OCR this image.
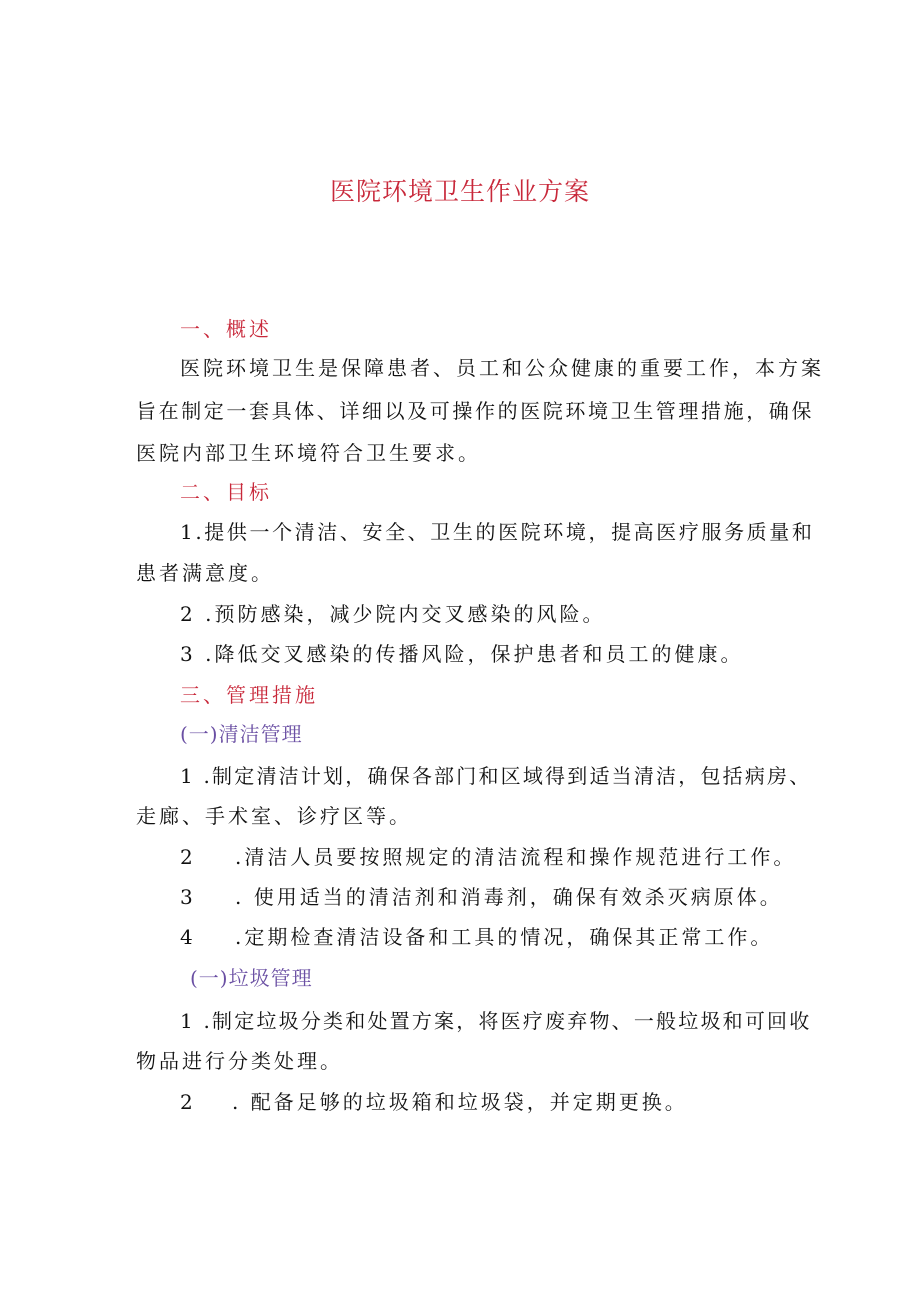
医院环境卫生作业方案
一、概述
医院环境卫生是保障患者、员工和公众健康的重要工作，本方案
旨在制定一套具体、详细以及可操作的医院环境卫生管理措施，确保
医院内部卫生环境符合卫生要求。
二、目标
1.提供一个清洁、安全、卫生的医院环境，提高医疗服务质量和
患者满意度。
2 .预防感染，减少院内交叉感染的风险。
3 .降低交叉感染的传播风险，保护患者和员工的健康。
三、管理措施
(一)清洁管理
1 .制定清洁计划，确保各部门和区域得到适当清洁，包括病房、
走廊、手术室、诊疗区等。
2 .清洁人员要按照规定的清洁流程和操作规范进行工作。
3 . 使用适当的清洁剂和消毒剂，确保有效杀灭病原体。
4 .定期检查清洁设备和工具的情况，确保其正常工作。
(一)垃圾管理
1 .制定垃圾分类和处置方案，将医疗废弃物、一般垃圾和可回收
物品进行分类处理。
2 . 配备足够的垃圾箱和垃圾袋，并定期更换。
